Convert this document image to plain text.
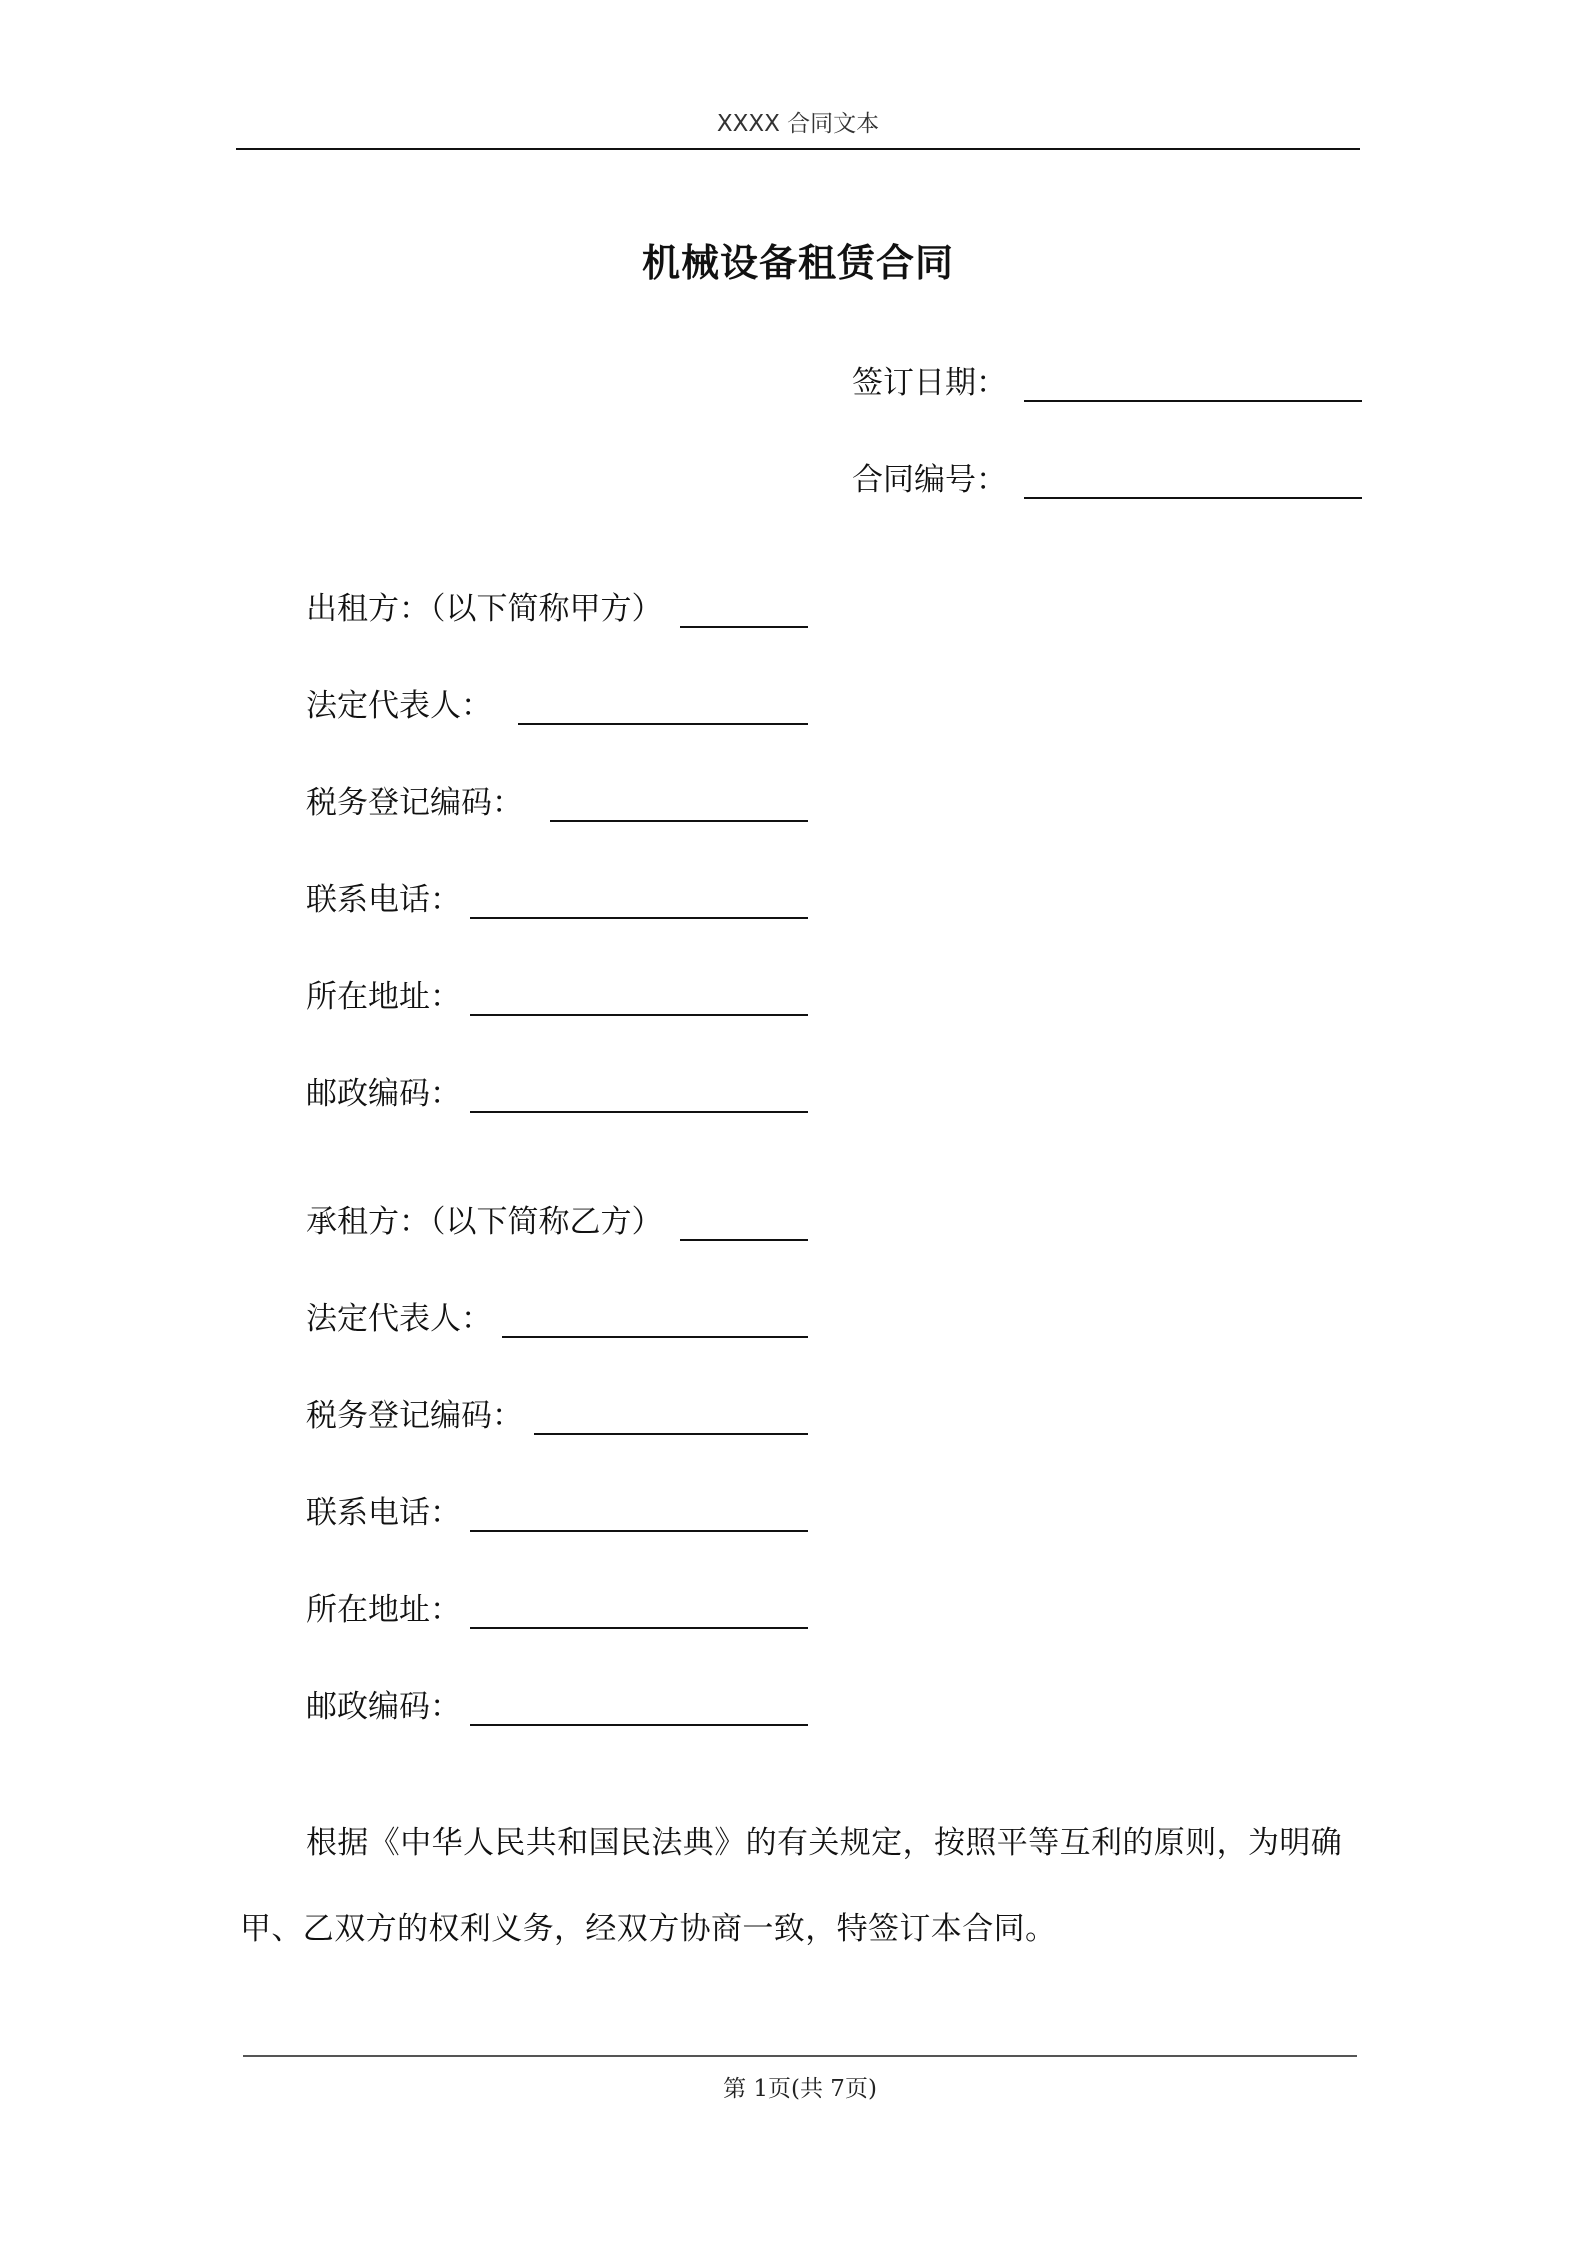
XXXX 合同文本
机械设备租赁合同
签订日期：
合同编号：
出租方：（以下简称甲方）
法定代表人：
税务登记编码：
联系电话：
所在地址：
邮政编码：
承租方：（以下简称乙方）
法定代表人：
税务登记编码：
联系电话：
所在地址：
邮政编码：
根据《中华人民共和国民法典》的有关规定，按照平等互利的原则，为明确甲、乙双方的权利义务，经双方协商一致，特签订本合同。
第 1页(共 7页)
